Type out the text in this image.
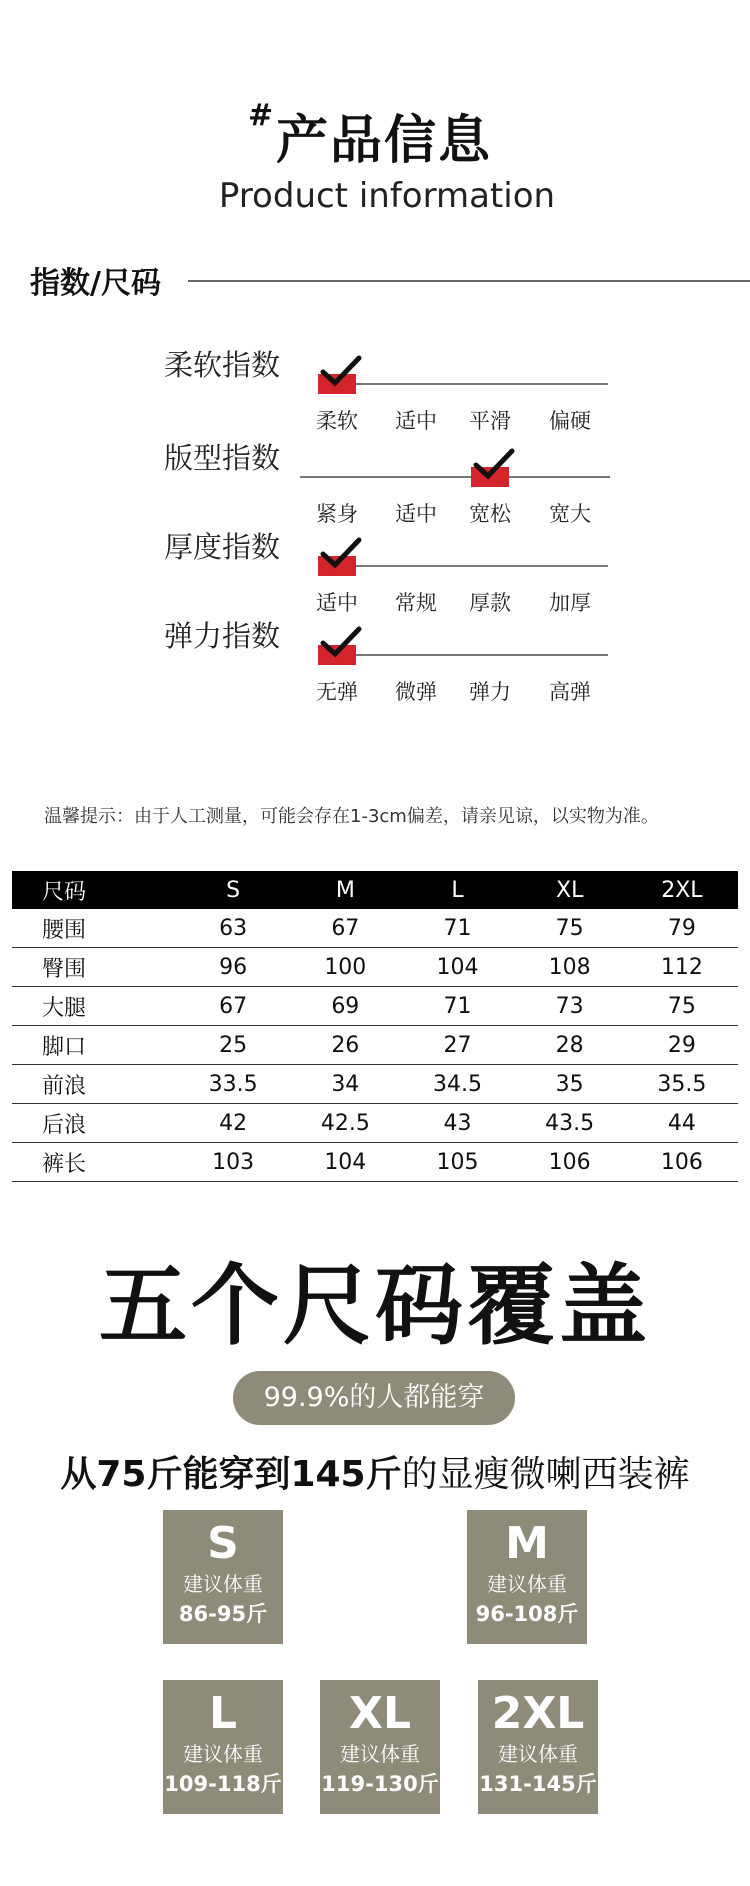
# 产品信息
Product information
指数/尺码
柔软指数
柔软	适中	平滑	偏硬
版型指数
紧身	适中	宽松	宽大
厚度指数
适中	常规	厚款	加厚
弹力指数
无弹	微弹	弹力	高弹
温馨提示：由于人工测量，可能会存在1-3cm偏差，请亲见谅，以实物为准。
尺码	S	M	L	XL	2XL
腰围	63	67	71	75	79
臀围	96	100	104	108	112
大腿	67	69	71	73	75
脚口	25	26	27	28	29
前浪	33.5	34	34.5	35	35.5
后浪	42	42.5	43	43.5	44
裤长	103	104	105	106	106
五个尺码覆盖
99.9%的人都能穿
从75斤能穿到145斤的显瘦微喇西装裤
S
建议体重
86-95斤
M
建议体重
96-108斤
L
建议体重
109-118斤
XL
建议体重
119-130斤
2XL
建议体重
131-145斤
